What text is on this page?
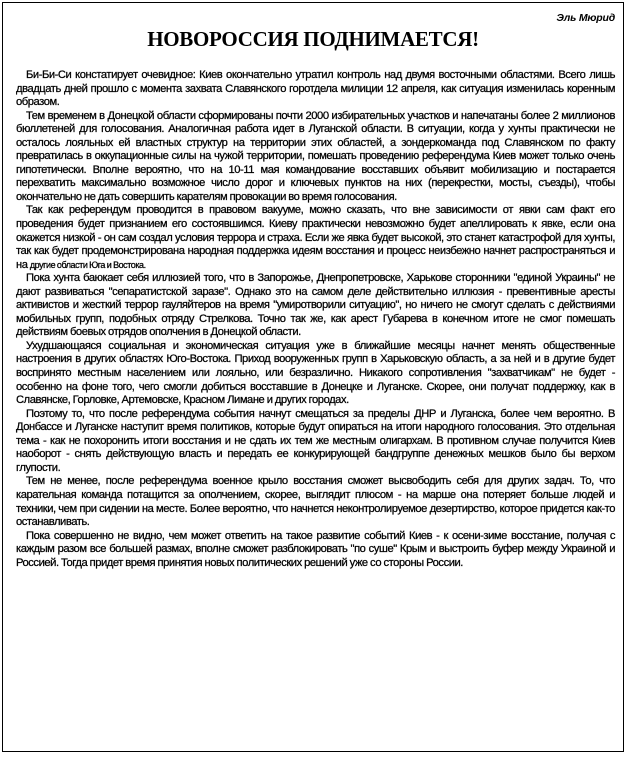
Эль Мюрид
НОВОРОССИЯ ПОДНИМАЕТСЯ!

Би-Би-Си констатирует очевидное: Киев окончательно утратил контроль над двумя восточными областями. Всего лишь двадцать дней прошло с момента захвата Славянского горотдела милиции 12 апреля, как ситуация изменилась коренным образом.

Тем временем в Донецкой области сформированы почти 2000 избирательных участков и напечатаны более 2 миллионов бюллетеней для голосования. Аналогичная работа идет в Луганской области. В ситуации, когда у хунты практически не осталось лояльных ей властных структур на территории этих областей, а зондеркоманда под Славянском по факту превратилась в оккупационные силы на чужой территории, помешать проведению референдума Киев может только очень гипотетически. Вполне вероятно, что на 10-11 мая командование восставших объявит мобилизацию и постарается перехватить максимально возможное число дорог и ключевых пунктов на них (перекрестки, мосты, съезды), чтобы окончательно не дать совершить карателям провокации во время голосования.

Так как референдум проводится в правовом вакууме, можно сказать, что вне зависимости от явки сам факт его проведения будет признанием его состоявшимся. Киеву практически невозможно будет апеллировать к явке, если она окажется низкой - он сам создал условия террора и страха. Если же явка будет высокой, это станет катастрофой для хунты, так как будет продемонстрирована народная поддержка идеям восстания и процесс неизбежно начнет распространяться и на другие области Юга и Востока.

Пока хунта баюкает себя иллюзией того, что в Запорожье, Днепропетровске, Харькове сторонники "единой Украины" не дают развиваться "сепаратистской заразе". Однако это на самом деле действительно иллюзия - превентивные аресты активистов и жесткий террор гауляйтеров на время "умиротворили ситуацию", но ничего не смогут сделать с действиями мобильных групп, подобных отряду Стрелкова. Точно так же, как арест Губарева в конечном итоге не смог помешать действиям боевых отрядов ополчения в Донецкой области.

Ухудшающаяся социальная и экономическая ситуация уже в ближайшие месяцы начнет менять общественные настроения в других областях Юго-Востока. Приход вооруженных групп в Харьковскую область, а за ней и в другие будет воспринято местным населением или лояльно, или безразлично. Никакого сопротивления "захватчикам" не будет - особенно на фоне того, чего смогли добиться восставшие в Донецке и Луганске. Скорее, они получат поддержку, как в Славянске, Горловке, Артемовске, Красном Лимане и других городах.

Поэтому то, что после референдума события начнут смещаться за пределы ДНР и Луганска, более чем вероятно. В Донбассе и Луганске наступит время политиков, которые будут опираться на итоги народного голосования. Это отдельная тема - как не похоронить итоги восстания и не сдать их тем же местным олигархам. В противном случае получится Киев наоборот - снять действующую власть и передать ее конкурирующей бандгруппе денежных мешков было бы верхом глупости.

Тем не менее, после референдума военное крыло восстания сможет высвободить себя для других задач. То, что карательная команда потащится за ополчением, скорее, выглядит плюсом - на марше она потеряет больше людей и техники, чем при сидении на месте. Более вероятно, что начнется неконтролируемое дезертирство, которое придется как-то останавливать.

Пока совершенно не видно, чем может ответить на такое развитие событий Киев - к осени-зиме восстание, получая с каждым разом все большей размах, вполне сможет разблокировать "по суше" Крым и выстроить буфер между Украиной и Россией. Тогда придет время принятия новых политических решений уже со стороны России.
